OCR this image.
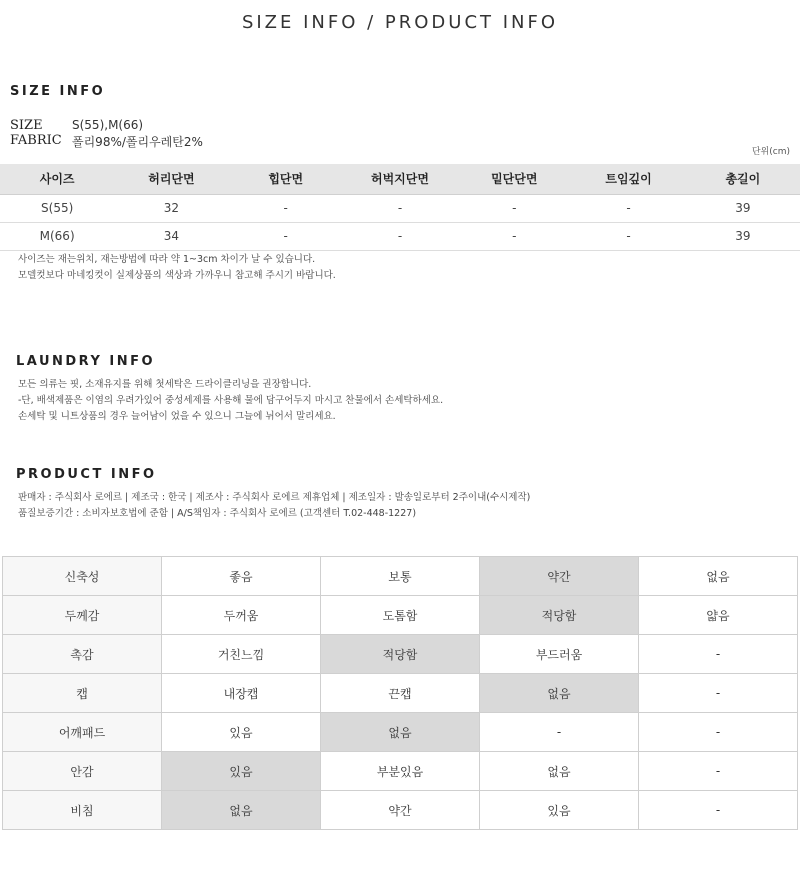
SIZE INFO / PRODUCT INFO
SIZE INFO
SIZE	S(55),M(66)
FABRIC 폴리98%/폴리우레탄2%
단위(cm)
사이즈	허리단면	힙단면	허벅지단면	밑단단면	트임깊이	총길이
S(55)	32	-	-	-	-	39
M(66)	34	-	-	-	-	39
사이즈는 재는위치, 재는방법에 따라 약 1~3cm 차이가 날 수 있습니다.
모델컷보다 마네킹컷이 실제상품의 색상과 가까우니 참고해 주시기 바랍니다.
LAUNDRY INFO
모든 의류는 핏, 소재유지를 위해 첫세탁은 드라이클리닝을 권장합니다.
-단, 배색제품은 이염의 우려가있어 중성세제를 사용해 물에 담구어두지 마시고 찬물에서 손세탁하세요.
손세탁 및 니트상품의 경우 늘어남이 었을 수 있으니 그늘에 뉘어서 말리세요.
PRODUCT INFO
판매자 : 주식회사 로에르 | 제조국 : 한국 | 제조사 : 주식회사 로에르 제휴업체 | 제조일자 : 발송일로부터 2주이내(수시제작)
품질보증기간 : 소비자보호법에 준함 | A/S책임자 : 주식회사 로에르 (고객센터 T.02-448-1227)
신축성	좋음	보통	약간	없음
두께감	두꺼움	도톰함	적당함	얇음
촉감	거친느낌	적당함	부드러움	-
캡	내장캡	끈캡	없음	-
어깨패드	있음	없음	-	-
안감	있음	부분있음	없음	-
비침	없음	약간	있음	-
